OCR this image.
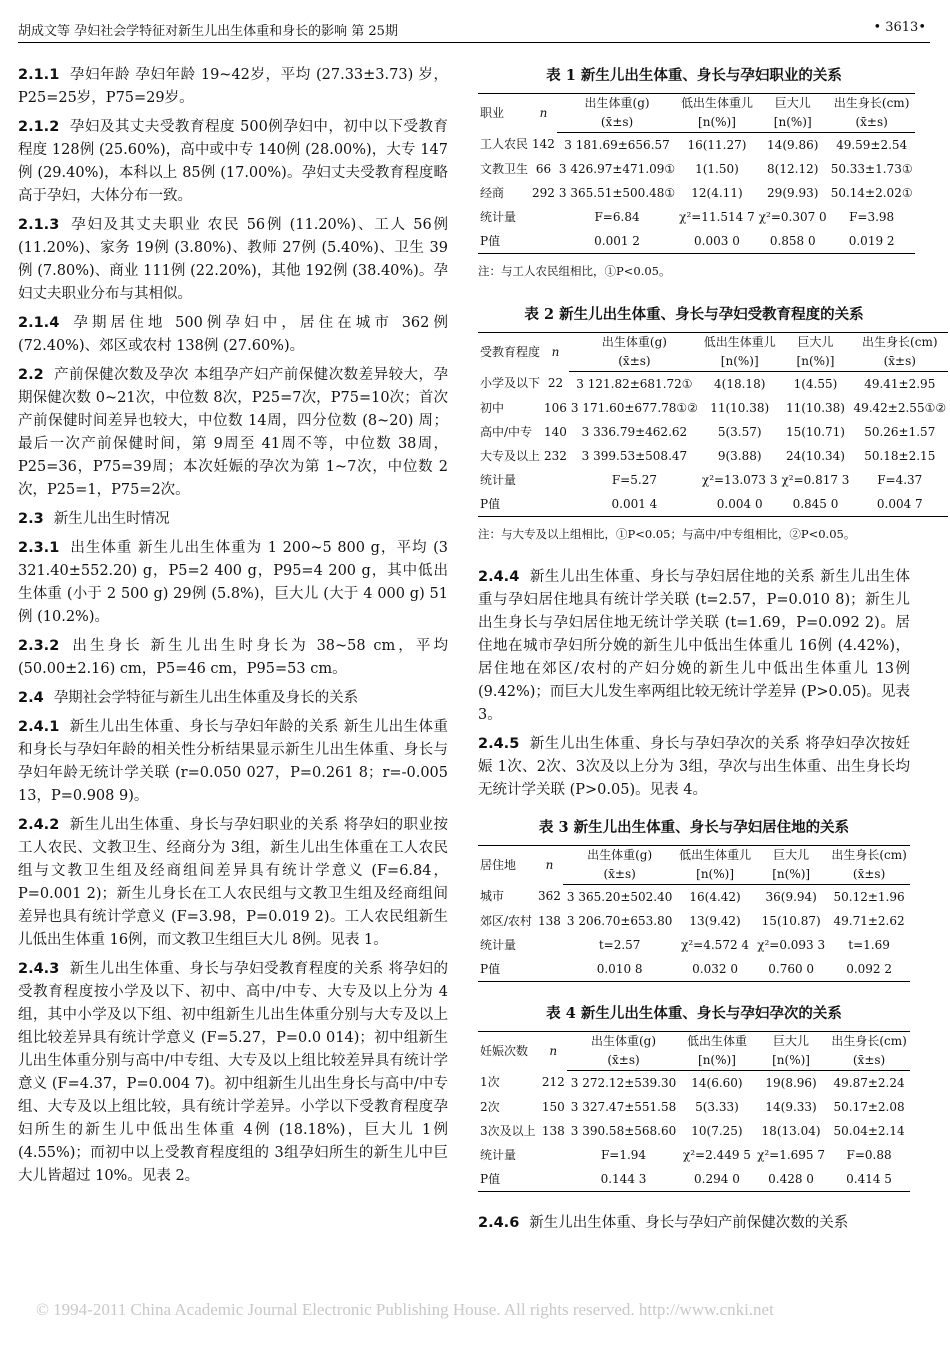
胡成文等 孕妇社会学特征对新生儿出生体重和身长的影响 第 25期	• 3613•

2.1.1 孕妇年龄 孕妇年龄 19~42岁，平均 (27.33±3.73) 岁，P25=25岁，P75=29岁。

2.1.2 孕妇及其丈夫受教育程度 500例孕妇中，初中以下受教育程度 128例 (25.60%)，高中或中专 140例 (28.00%)，大专 147例 (29.40%)，本科以上 85例 (17.00%)。孕妇丈夫受教育程度略高于孕妇，大体分布一致。

2.1.3 孕妇及其丈夫职业 农民 56例 (11.20%)、工人 56例 (11.20%)、家务 19例 (3.80%)、教师 27例 (5.40%)、卫生 39例 (7.80%)、商业 111例 (22.20%)，其他 192例 (38.40%)。孕妇丈夫职业分布与其相似。

2.1.4 孕期居住地 500例孕妇中，居住在城市 362例 (72.40%)、郊区或农村 138例 (27.60%)。

2.2 产前保健次数及孕次 本组孕产妇产前保健次数差异较大，孕期保健次数 0~21次，中位数 8次，P25=7次，P75=10次；首次产前保健时间差异也较大，中位数 14周，四分位数 (8~20) 周；最后一次产前保健时间，第 9周至 41周不等，中位数 38周，P25=36，P75=39周；本次妊娠的孕次为第 1~7次，中位数 2次，P25=1，P75=2次。

2.3 新生儿出生时情况

2.3.1 出生体重 新生儿出生体重为 1 200~5 800 g，平均 (3 321.40±552.20) g，P5=2 400 g，P95=4 200 g，其中低出生体重 (小于 2 500 g) 29例 (5.8%)，巨大儿 (大于 4 000 g) 51例 (10.2%)。

2.3.2 出生身长 新生儿出生时身长为 38~58 cm，平均 (50.00±2.16) cm，P5=46 cm，P95=53 cm。

2.4 孕期社会学特征与新生儿出生体重及身长的关系

2.4.1 新生儿出生体重、身长与孕妇年龄的关系 新生儿出生体重和身长与孕妇年龄的相关性分析结果显示新生儿出生体重、身长与孕妇年龄无统计学关联 (r=0.050 027，P=0.261 8；r=-0.005 13，P=0.908 9)。

2.4.2 新生儿出生体重、身长与孕妇职业的关系 将孕妇的职业按工人农民、文教卫生、经商分为 3组，新生儿出生体重在工人农民组与文教卫生组及经商组间差异具有统计学意义 (F=6.84，P=0.001 2)；新生儿身长在工人农民组与文教卫生组及经商组间差异也具有统计学意义 (F=3.98，P=0.019 2)。工人农民组新生儿低出生体重 16例，而文教卫生组巨大儿 8例。见表 1。

2.4.3 新生儿出生体重、身长与孕妇受教育程度的关系 将孕妇的受教育程度按小学及以下、初中、高中/中专、大专及以上分为 4组，其中小学及以下组、初中组新生儿出生体重分别与大专及以上组比较差异具有统计学意义 (F=5.27，P=0.0 014)；初中组新生儿出生体重分别与高中/中专组、大专及以上组比较差异具有统计学意义 (F=4.37，P=0.004 7)。初中组新生儿出生身长与高中/中专组、大专及以上组比较，具有统计学差异。小学以下受教育程度孕妇所生的新生儿中低出生体重 4例 (18.18%)，巨大儿 1例 (4.55%)；而初中以上受教育程度组的 3组孕妇所生的新生儿中巨大儿皆超过 10%。见表 2。

表 1 新生儿出生体重、身长与孕妇职业的关系
职业	n	出生体重(g)	低出生体重儿	巨大儿	出生身长(cm)
		(x̄±s)	[n(%)]	[n(%)]	(x̄±s)
工人农民	142	3 181.69±656.57	16(11.27)	14(9.86)	49.59±2.54
文教卫生	66	3 426.97±471.09①	1(1.50)	8(12.12)	50.33±1.73①
经商	292	3 365.51±500.48①	12(4.11)	29(9.93)	50.14±2.02①
统计量		F=6.84	χ²=11.514 7	χ²=0.307 0	F=3.98
P值		0.001 2	0.003 0	0.858 0	0.019 2
注：与工人农民组相比，①P<0.05。
表 2 新生儿出生体重、身长与孕妇受教育程度的关系
受教育程度	n	出生体重(g)	低出生体重儿	巨大儿	出生身长(cm)
		(x̄±s)	[n(%)]	[n(%)]	(x̄±s)
小学及以下	22	3 121.82±681.72①	4(18.18)	1(4.55)	49.41±2.95
初中	106	3 171.60±677.78①②	11(10.38)	11(10.38)	49.42±2.55①②
高中/中专	140	3 336.79±462.62	5(3.57)	15(10.71)	50.26±1.57
大专及以上	232	3 399.53±508.47	9(3.88)	24(10.34)	50.18±2.15
统计量		F=5.27	χ²=13.073 3	χ²=0.817 3	F=4.37
P值		0.001 4	0.004 0	0.845 0	0.004 7
注：与大专及以上组相比，①P<0.05；与高中/中专组相比，②P<0.05。

2.4.4 新生儿出生体重、身长与孕妇居住地的关系 新生儿出生体重与孕妇居住地具有统计学关联 (t=2.57，P=0.010 8)；新生儿出生身长与孕妇居住地无统计学关联 (t=1.69，P=0.092 2)。居住地在城市孕妇所分娩的新生儿中低出生体重儿 16例 (4.42%)，居住地在郊区/农村的产妇分娩的新生儿中低出生体重儿 13例 (9.42%)；而巨大儿发生率两组比较无统计学差异 (P>0.05)。见表 3。

2.4.5 新生儿出生体重、身长与孕妇孕次的关系 将孕妇孕次按妊娠 1次、2次、3次及以上分为 3组，孕次与出生体重、出生身长均无统计学关联 (P>0.05)。见表 4。

表 3 新生儿出生体重、身长与孕妇居住地的关系
居住地	n	出生体重(g)	低出生体重儿	巨大儿	出生身长(cm)
		(x̄±s)	[n(%)]	[n(%)]	(x̄±s)
城市	362	3 365.20±502.40	16(4.42)	36(9.94)	50.12±1.96
郊区/农村	138	3 206.70±653.80	13(9.42)	15(10.87)	49.71±2.62
统计量		t=2.57	χ²=4.572 4	χ²=0.093 3	t=1.69
P值		0.010 8	0.032 0	0.760 0	0.092 2
表 4 新生儿出生体重、身长与孕妇孕次的关系
妊娠次数	n	出生体重(g)	低出生体重	巨大儿	出生身长(cm)
		(x̄±s)	[n(%)]	[n(%)]	(x̄±s)
1次	212	3 272.12±539.30	14(6.60)	19(8.96)	49.87±2.24
2次	150	3 327.47±551.58	5(3.33)	14(9.33)	50.17±2.08
3次及以上	138	3 390.58±568.60	10(7.25)	18(13.04)	50.04±2.14
统计量		F=1.94	χ²=2.449 5	χ²=1.695 7	F=0.88
P值		0.144 3	0.294 0	0.428 0	0.414 5

2.4.6 新生儿出生体重、身长与孕妇产前保健次数的关系

© 1994-2011 China Academic Journal Electronic Publishing House. All rights reserved. http://www.cnki.net
